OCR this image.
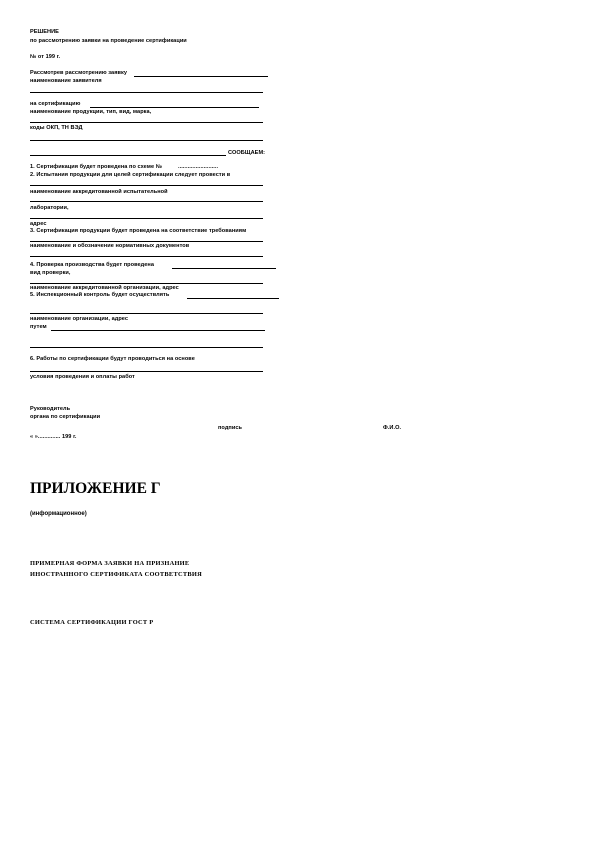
РЕШЕНИЕ
по рассмотрению заявки на проведение сертификации
№ от 199 г.
Рассмотрев рассмотрению заявку
наименование заявителя
на сертификацию
наименование продукции, тип, вид, марка,
коды ОКП, ТН ВЭД
СООБЩАЕМ:
1. Сертификация будет проведена по схеме №	.........................
2. Испытания продукции для целей сертификации следует провести в
наименование аккредитованной испытательной
лаборатории,
адрес
3. Сертификация продукции будет проведена на соответствие требованиям
наименование и обозначение нормативных документов
4. Проверка производства будет проведена
вид проверки,
наименование аккредитованной организации, адрес
5. Инспекционный контроль будет осуществлять
наименование организации, адрес
путем
6. Работы по сертификации будут проводиться на основе
условия проведения и оплаты работ
Руководитель
органа по сертификации
подпись	Ф.И.О.
« ».............. 199 г.
ПРИЛОЖЕНИЕ Г
(информационное)
ПРИМЕРНАЯ ФОРМА ЗАЯВКИ НА ПРИЗНАНИЕ
ИНОСТРАННОГО СЕРТИФИКАТА СООТВЕТСТВИЯ
СИСТЕМА СЕРТИФИКАЦИИ ГОСТ Р
